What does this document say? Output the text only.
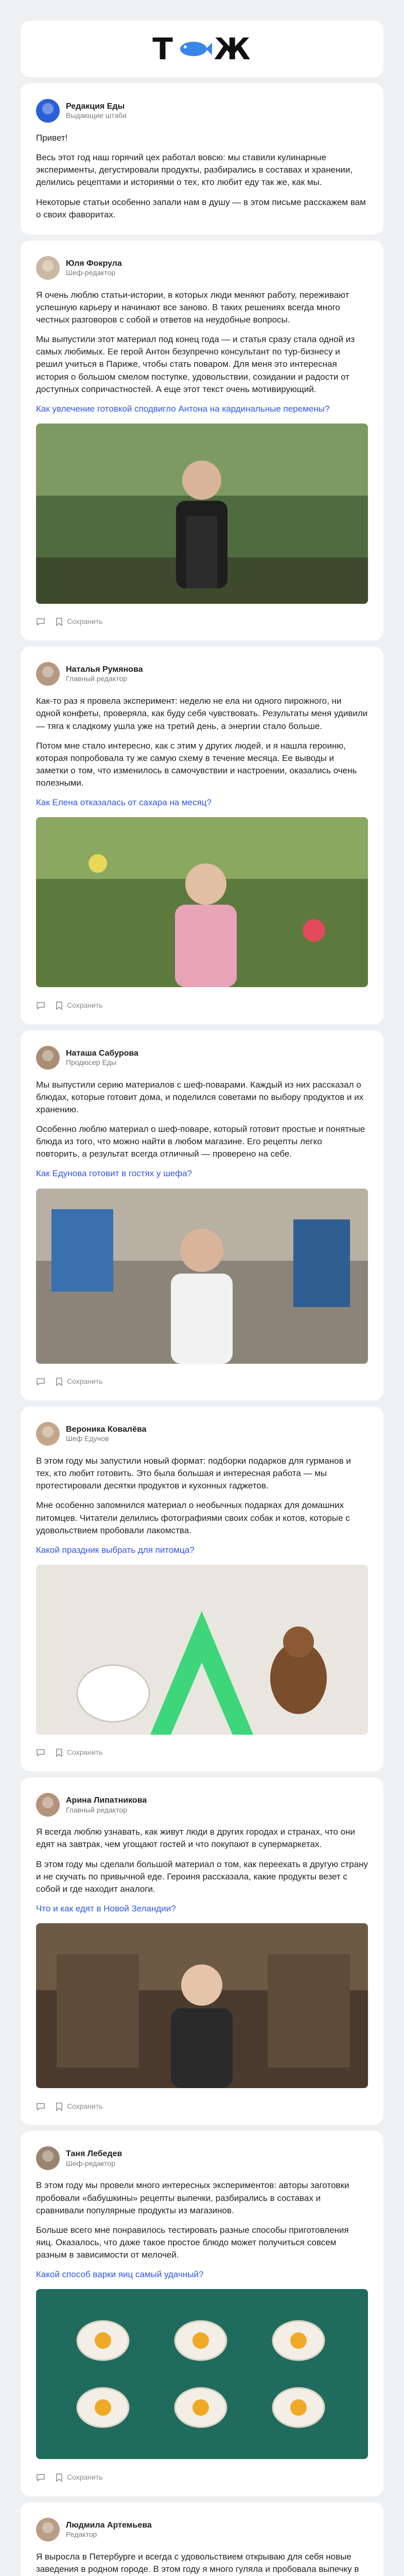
Т Ж
Редакция Еды
Выдающие штаби

Привет!

Весь этот год наш горячий цех работал вовсю: мы ставили кулинарные эксперименты, дегустировали продукты, разбирались в составах и хранении, делились рецептами и историями о тех, кто любит еду так же, как мы.

Некоторые статьи особенно запали нам в душу — в этом письме расскажем вам о своих фаворитах.

Юля Фокрула
Шеф-редактор

Я очень люблю статьи-истории, в которых люди меняют работу, переживают успешную карьеру и начинают все заново. В таких решениях всегда много честных разговоров с собой и ответов на неудобные вопросы.

Мы выпустили этот материал под конец года — и статья сразу стала одной из самых любимых. Ее герой Антон безупречно консультант по тур-бизнесу и решил учиться в Париже, чтобы стать поваром. Для меня это интересная история о большом смелом поступке, удовольствии, созидании и радости от доступных сопричастностей. А еще этот текст очень мотивирующий.

Как увлечение готовкой сподвигло Антона на кардинальные перемены?
Сохранить
Наталья Румянова
Главный редактор

Как-то раз я провела эксперимент: неделю не ела ни одного пирожного, ни одной конфеты, проверяла, как буду себя чувствовать. Результаты меня удивили — тяга к сладкому ушла уже на третий день, а энергии стало больше.

Потом мне стало интересно, как с этим у других людей, и я нашла героиню, которая попробовала ту же самую схему в течение месяца. Ее выводы и заметки о том, что изменилось в самочувствии и настроении, оказались очень полезными.

Как Елена отказалась от сахара на месяц?
Сохранить
Наташа Сабурова
Продюсер Еды

Мы выпустили серию материалов с шеф-поварами. Каждый из них рассказал о блюдах, которые готовит дома, и поделился советами по выбору продуктов и их хранению.

Особенно люблю материал о шеф-поваре, который готовит простые и понятные блюда из того, что можно найти в любом магазине. Его рецепты легко повторить, а результат всегда отличный — проверено на себе.

Как Едунова готовит в гостях у шефа?
Сохранить
Вероника Ковалёва
Шеф Едунов

В этом году мы запустили новый формат: подборки подарков для гурманов и тех, кто любит готовить. Это была большая и интересная работа — мы протестировали десятки продуктов и кухонных гаджетов.

Мне особенно запомнился материал о необычных подарках для домашних питомцев. Читатели делились фотографиями своих собак и котов, которые с удовольствием пробовали лакомства.

Какой праздник выбрать для питомца?
Сохранить
Арина Липатникова
Главный редактор

Я всегда люблю узнавать, как живут люди в других городах и странах, что они едят на завтрак, чем угощают гостей и что покупают в супермаркетах.

В этом году мы сделали большой материал о том, как переехать в другую страну и не скучать по привычной еде. Героиня рассказала, какие продукты везет с собой и где находит аналоги.

Что и как едят в Новой Зеландии?
Сохранить
Таня Лебедев
Шеф-редактор

В этом году мы провели много интересных экспериментов: авторы заготовки пробовали «бабушкины» рецепты выпечки, разбирались в составах и сравнивали популярные продукты из магазинов.

Больше всего мне понравилось тестировать разные способы приготовления яиц. Оказалось, что даже такое простое блюдо может получиться совсем разным в зависимости от мелочей.

Какой способ варки яиц самый удачный?
Сохранить
Людмила Артемьева
Редактор

Я выросла в Петербурге и всегда с удовольствием открываю для себя новые заведения в родном городе. В этом году я много гуляла и пробовала выпечку в
